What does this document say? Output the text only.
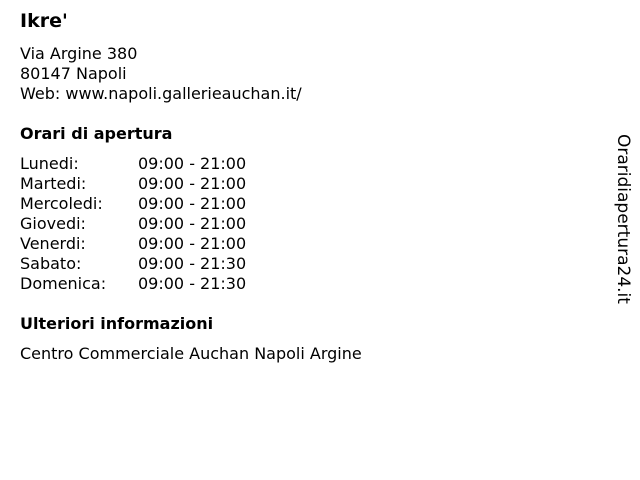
Ikre'
Via Argine 380
80147 Napoli
Web: www.napoli.gallerieauchan.it/
Orari di apertura
Lunedi:	09:00 - 21:00
Martedi:	09:00 - 21:00
Mercoledi: 09:00 - 21:00
Giovedi:	09:00 - 21:00
Venerdi:	09:00 - 21:00
Sabato:	09:00 - 21:30
Domenica: 09:00 - 21:30
Ulteriori informazioni
Centro Commerciale Auchan Napoli Argine
Oraridiapertura24.it
